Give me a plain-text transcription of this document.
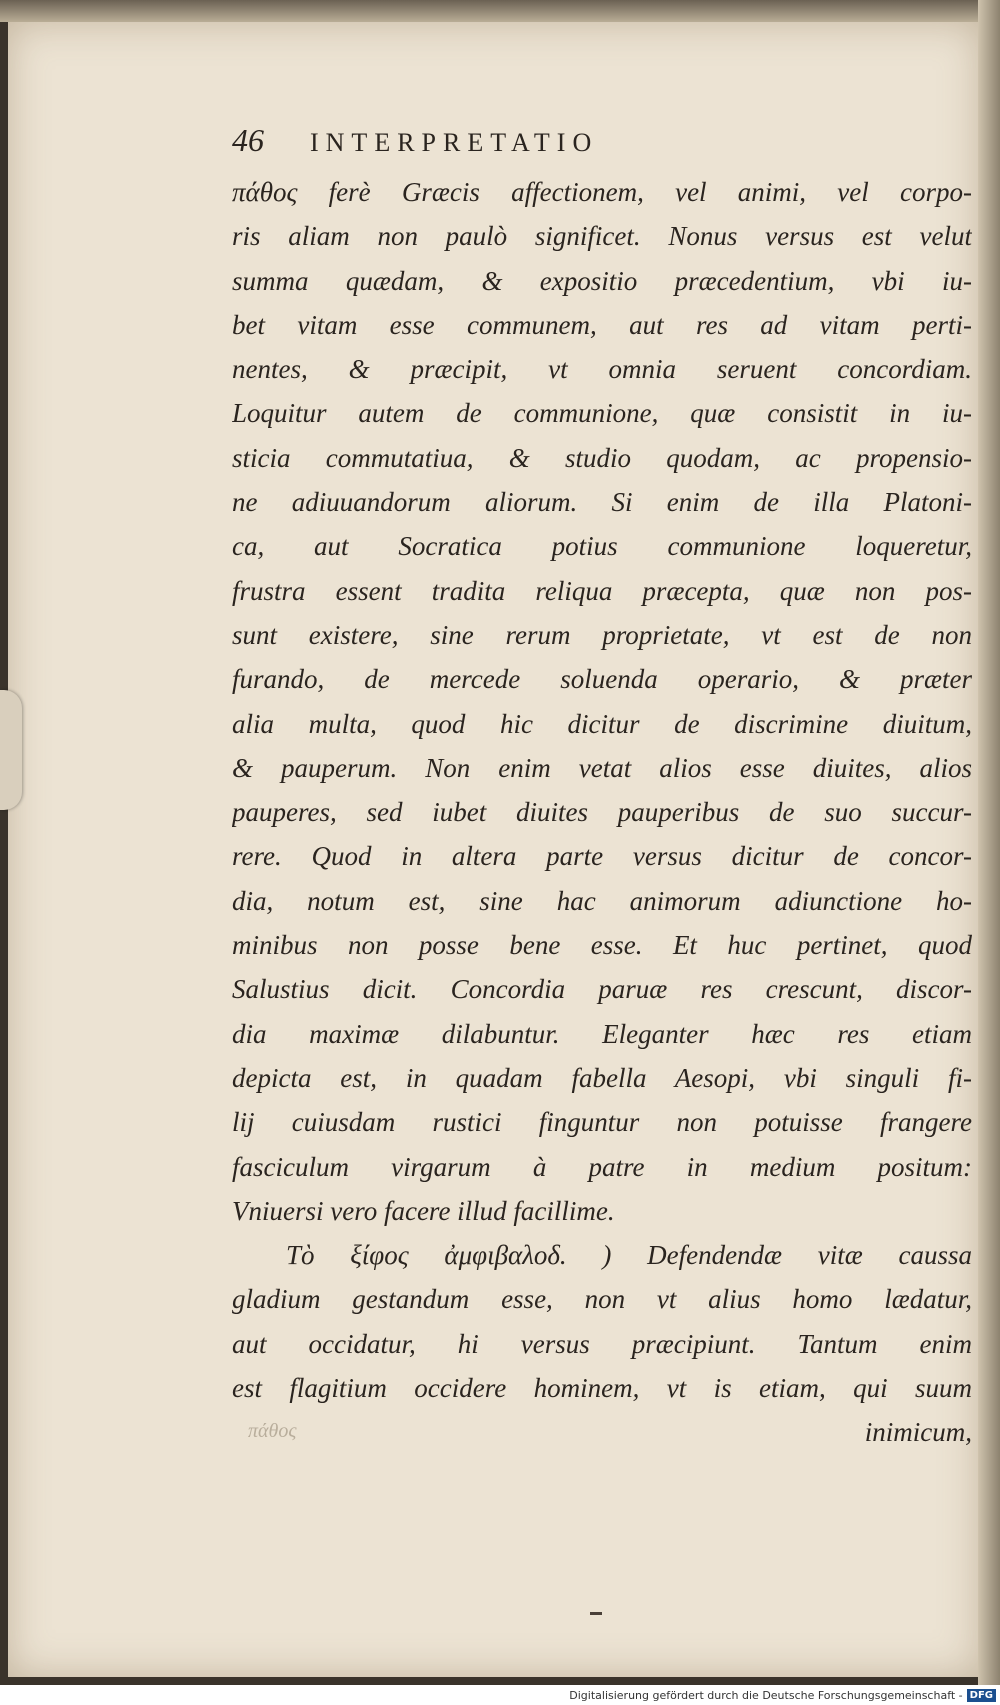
46 INTERPRETATIO
πάθος ferè Græcis affectionem, vel animi, vel corpo-
ris aliam non paulò significet. Nonus versus est velut
summa quædam, & expositio præcedentium, vbi iu-
bet vitam esse communem, aut res ad vitam perti-
nentes, & præcipit, vt omnia seruent concordiam.
Loquitur autem de communione, quæ consistit in iu-
sticia commutatiua, & studio quodam, ac propensio-
ne adiuuandorum aliorum. Si enim de illa Platoni-
ca, aut Socratica potius communione loqueretur,
frustra essent tradita reliqua præcepta, quæ non pos-
sunt existere, sine rerum proprietate, vt est de non
furando, de mercede soluenda operario, & præter
alia multa, quod hic dicitur de discrimine diuitum,
& pauperum. Non enim vetat alios esse diuites, alios
pauperes, sed iubet diuites pauperibus de suo succur-
rere. Quod in altera parte versus dicitur de concor-
dia, notum est, sine hac animorum adiunctione ho-
minibus non posse bene esse. Et huc pertinet, quod
Salustius dicit. Concordia paruæ res crescunt, discor-
dia maximæ dilabuntur. Eleganter hæc res etiam
depicta est, in quadam fabella Aesopi, vbi singuli fi-
lij cuiusdam rustici finguntur non potuisse frangere
fasciculum virgarum à patre in medium positum:
Vniuersi vero facere illud facillime.
Τὸ ξίφος ἀμφιβαλοδ. ) Defendendæ vitæ caussa
gladium gestandum esse, non vt alius homo lædatur,
aut occidatur, hi versus præcipiunt. Tantum enim
est flagitium occidere hominem, vt is etiam, qui suum
inimicum,
πάθος
Digitalisierung gefördert durch die Deutsche Forschungsgemeinschaft - DFG
